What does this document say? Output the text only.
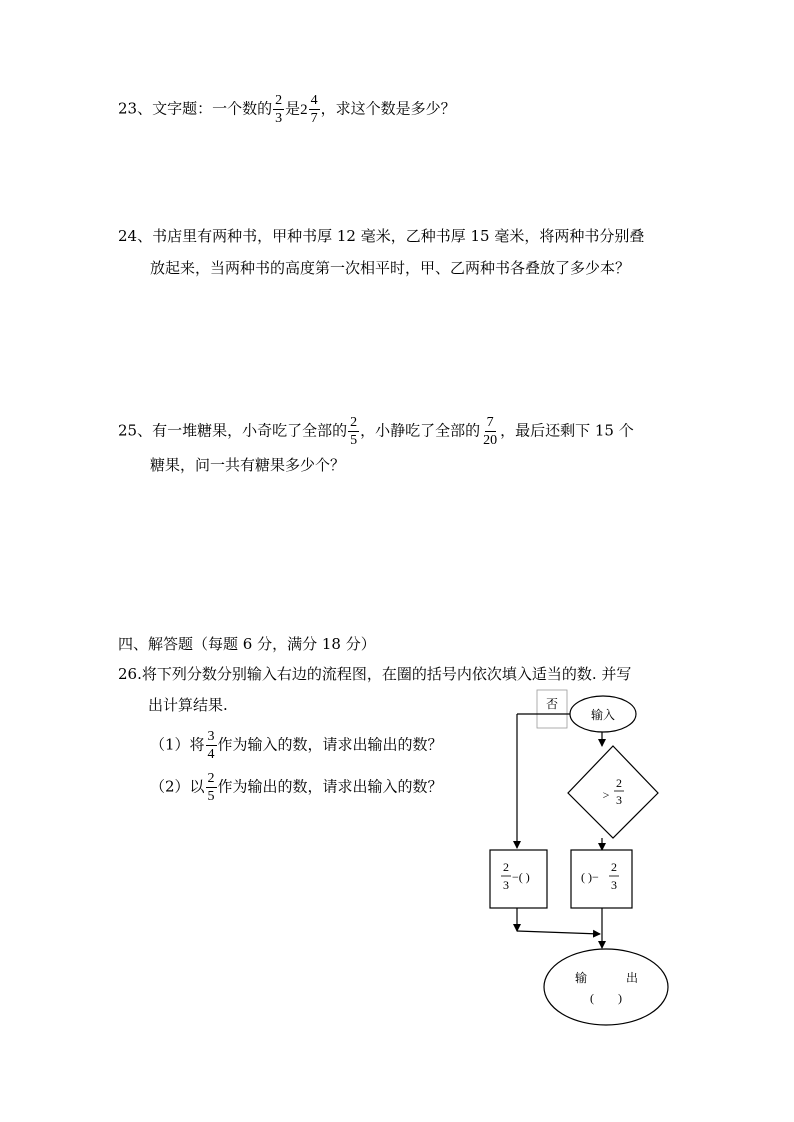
23、文字题：一个数的 $\frac{2}{3}$ 是 $2 \frac{4}{7}$ ，求这个数是多少？
24、书店里有两种书，甲种书厚 12 毫米，乙种书厚 15 毫米，将两种书分别叠
放起来，当两种书的高度第一次相平时，甲、乙两种书各叠放了多少本？
25、有一堆糖果，小奇吃了全部的 $\frac{2}{5}$ ，小静吃了全部的 $\frac{7}{20}$ ，最后还剩下 15 个
糖果，问一共有糖果多少个？
四、解答题（每题 6 分，满分 18 分）
26.将下列分数分别输入右边的流程图，在圈的括号内依次填入适当的数. 并写
出计算结果.
（1）将 $\frac{3}{4}$ 作为输入的数，请求出输出的数？
（2）以 $\frac{2}{5}$ 作为输出的数，请求出输入的数？
否
输入
>
2
3
2
3
−( )	( )−
2
3
输	出
(        )
